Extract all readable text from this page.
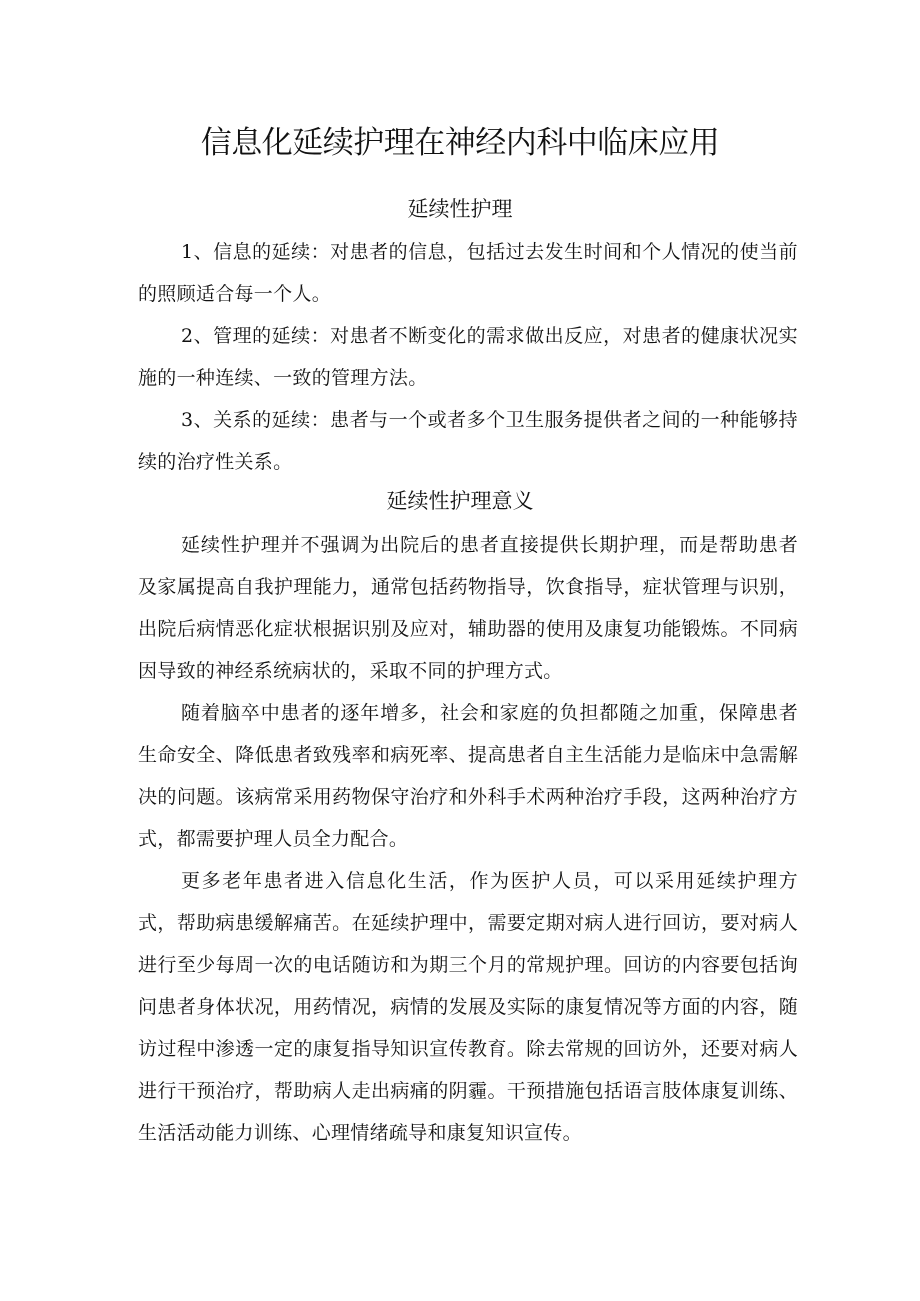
信息化延续护理在神经内科中临床应用
延续性护理

1、信息的延续：对患者的信息，包括过去发生时间和个人情况的使当前的照顾适合每一个人。

2、管理的延续：对患者不断变化的需求做出反应，对患者的健康状况实施的一种连续、一致的管理方法。

3、关系的延续：患者与一个或者多个卫生服务提供者之间的一种能够持续的治疗性关系。

延续性护理意义

延续性护理并不强调为出院后的患者直接提供长期护理，而是帮助患者及家属提高自我护理能力，通常包括药物指导，饮食指导，症状管理与识别，出院后病情恶化症状根据识别及应对，辅助器的使用及康复功能锻炼。不同病因导致的神经系统病状的，采取不同的护理方式。

随着脑卒中患者的逐年增多，社会和家庭的负担都随之加重，保障患者生命安全、降低患者致残率和病死率、提高患者自主生活能力是临床中急需解决的问题。该病常采用药物保守治疗和外科手术两种治疗手段，这两种治疗方式，都需要护理人员全力配合。

更多老年患者进入信息化生活，作为医护人员，可以采用延续护理方式，帮助病患缓解痛苦。在延续护理中，需要定期对病人进行回访，要对病人进行至少每周一次的电话随访和为期三个月的常规护理。回访的内容要包括询问患者身体状况，用药情况，病情的发展及实际的康复情况等方面的内容，随访过程中渗透一定的康复指导知识宣传教育。除去常规的回访外，还要对病人进行干预治疗，帮助病人走出病痛的阴霾。干预措施包括语言肢体康复训练、生活活动能力训练、心理情绪疏导和康复知识宣传。
